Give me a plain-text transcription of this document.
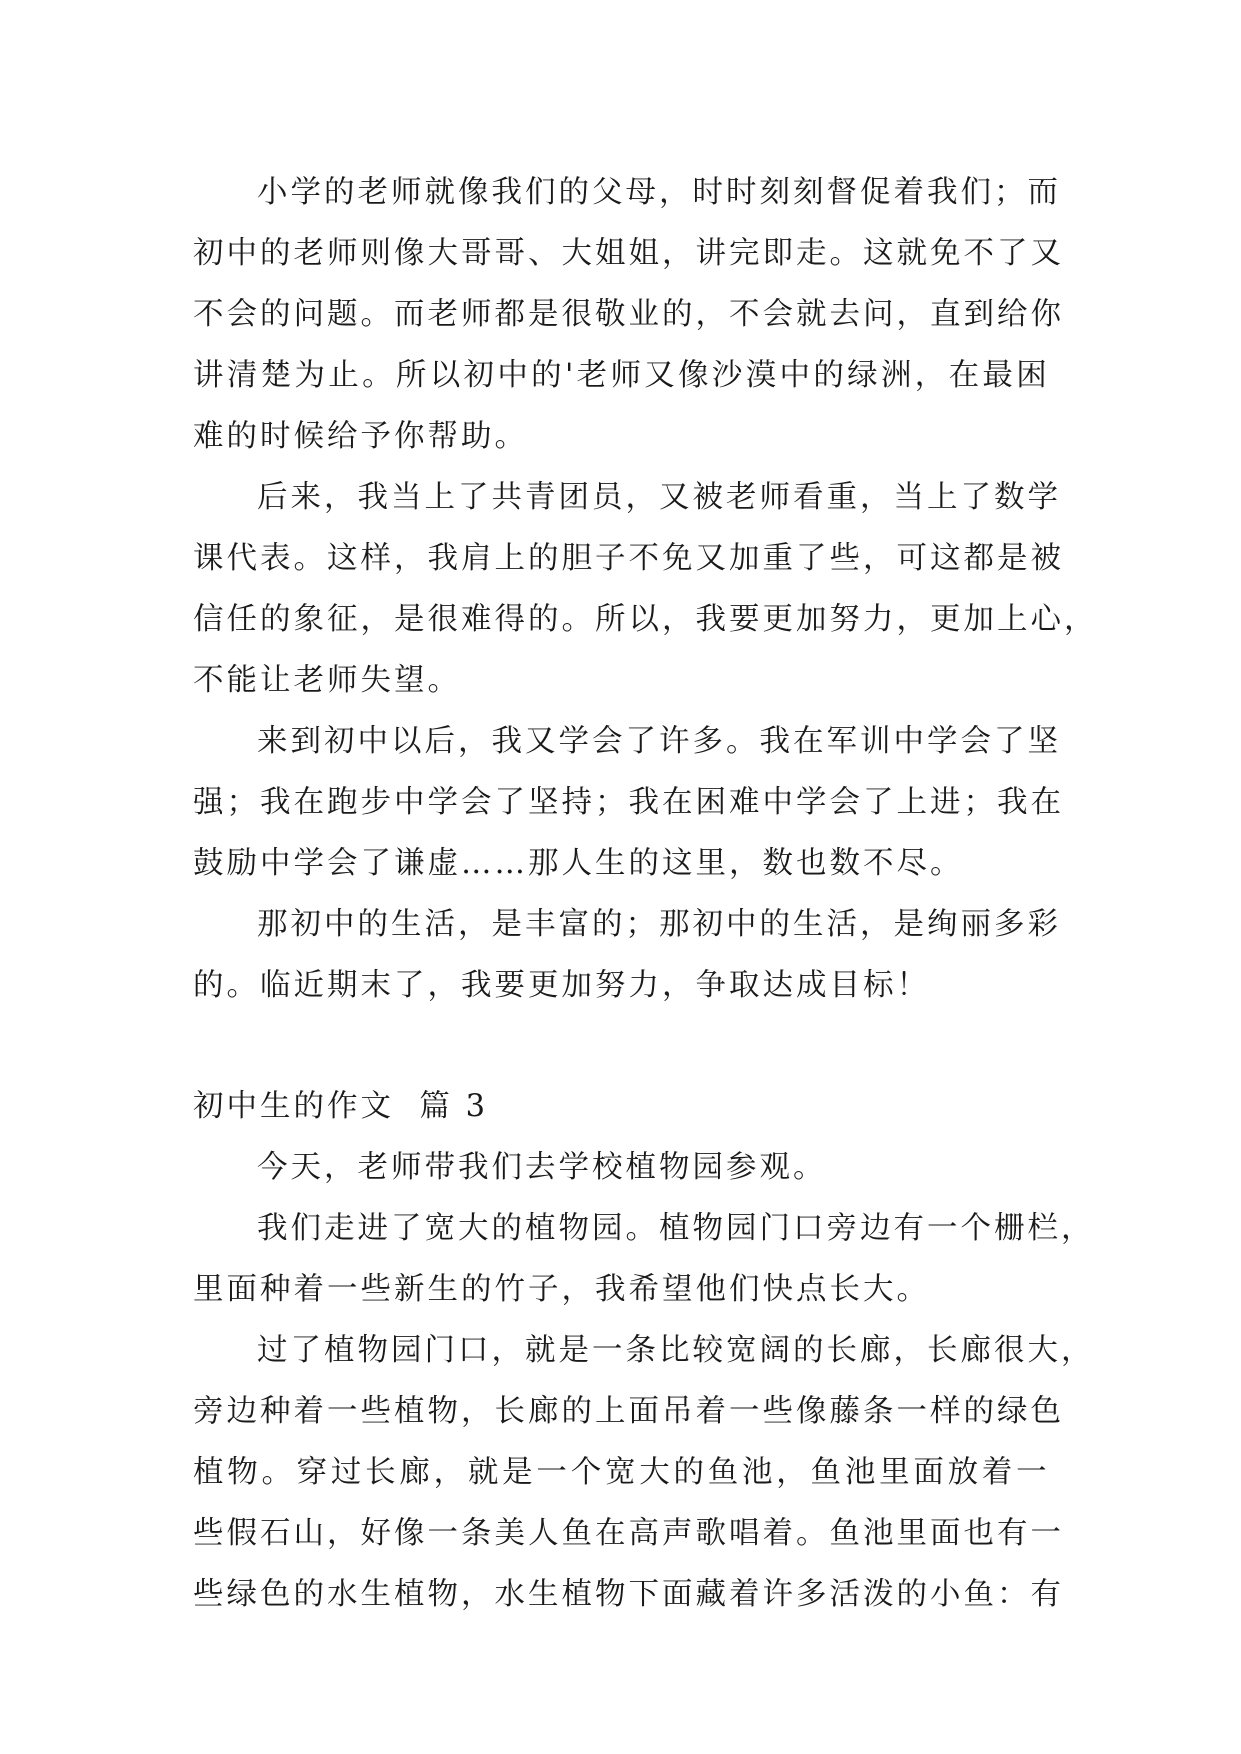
小 学 的 老 师 就 像 我 们 的 父 母 ， 时 时 刻 刻 督 促 着 我 们 ； 而
初 中 的 老 师 则 像 大 哥 哥 、 大 姐 姐 ， 讲 完 即 走 。 这 就 免 不 了 又
不 会 的 问 题 。 而 老 师 都 是 很 敬 业 的 ， 不 会 就 去 问 ， 直 到 给 你
讲 清 楚 为 止 。 所 以 初 中 的 ' 老 师 又 像 沙 漠 中 的 绿 洲 ， 在 最 困
难的时候给予你帮助。
后 来 ， 我 当 上 了 共 青 团 员 ， 又 被 老 师 看 重 ， 当 上 了 数 学
课 代 表 。 这 样 ， 我 肩 上 的 胆 子 不 免 又 加 重 了 些 ， 可 这 都 是 被
信 任 的 象 征 ， 是 很 难 得 的 。 所 以 ， 我 要 更 加 努 力 ， 更 加 上 心 ，
不能让老师失望。
来 到 初 中 以 后 ， 我 又 学 会 了 许 多 。 我 在 军 训 中 学 会 了 坚
强 ； 我 在 跑 步 中 学 会 了 坚 持 ； 我 在 困 难 中 学 会 了 上 进 ； 我 在
鼓励中学会了谦虚……那人生的这里，数也数不尽。
那 初 中 的 生 活 ， 是 丰 富 的 ； 那 初 中 的 生 活 ， 是 绚 丽 多 彩
的。临近期末了，我要更加努力，争取达成目标！
初中生的作文  篇 3
今天，老师带我们去学校植物园参观。
我 们 走 进 了 宽 大 的 植 物 园 。 植 物 园 门 口 旁 边 有 一 个 栅 栏 ，
里面种着一些新生的竹子，我希望他们快点长大。
过 了 植 物 园 门 口 ， 就 是 一 条 比 较 宽 阔 的 长 廊 ， 长 廊 很 大 ，
旁 边 种 着 一 些 植 物 ， 长 廊 的 上 面 吊 着 一 些 像 藤 条 一 样 的 绿 色
植 物 。 穿 过 长 廊 ， 就 是 一 个 宽 大 的 鱼 池 ， 鱼 池 里 面 放 着 一
些 假 石 山 ， 好 像 一 条 美 人 鱼 在 高 声 歌 唱 着 。 鱼 池 里 面 也 有 一
些 绿 色 的 水 生 植 物 ， 水 生 植 物 下 面 藏 着 许 多 活 泼 的 小 鱼 ： 有
